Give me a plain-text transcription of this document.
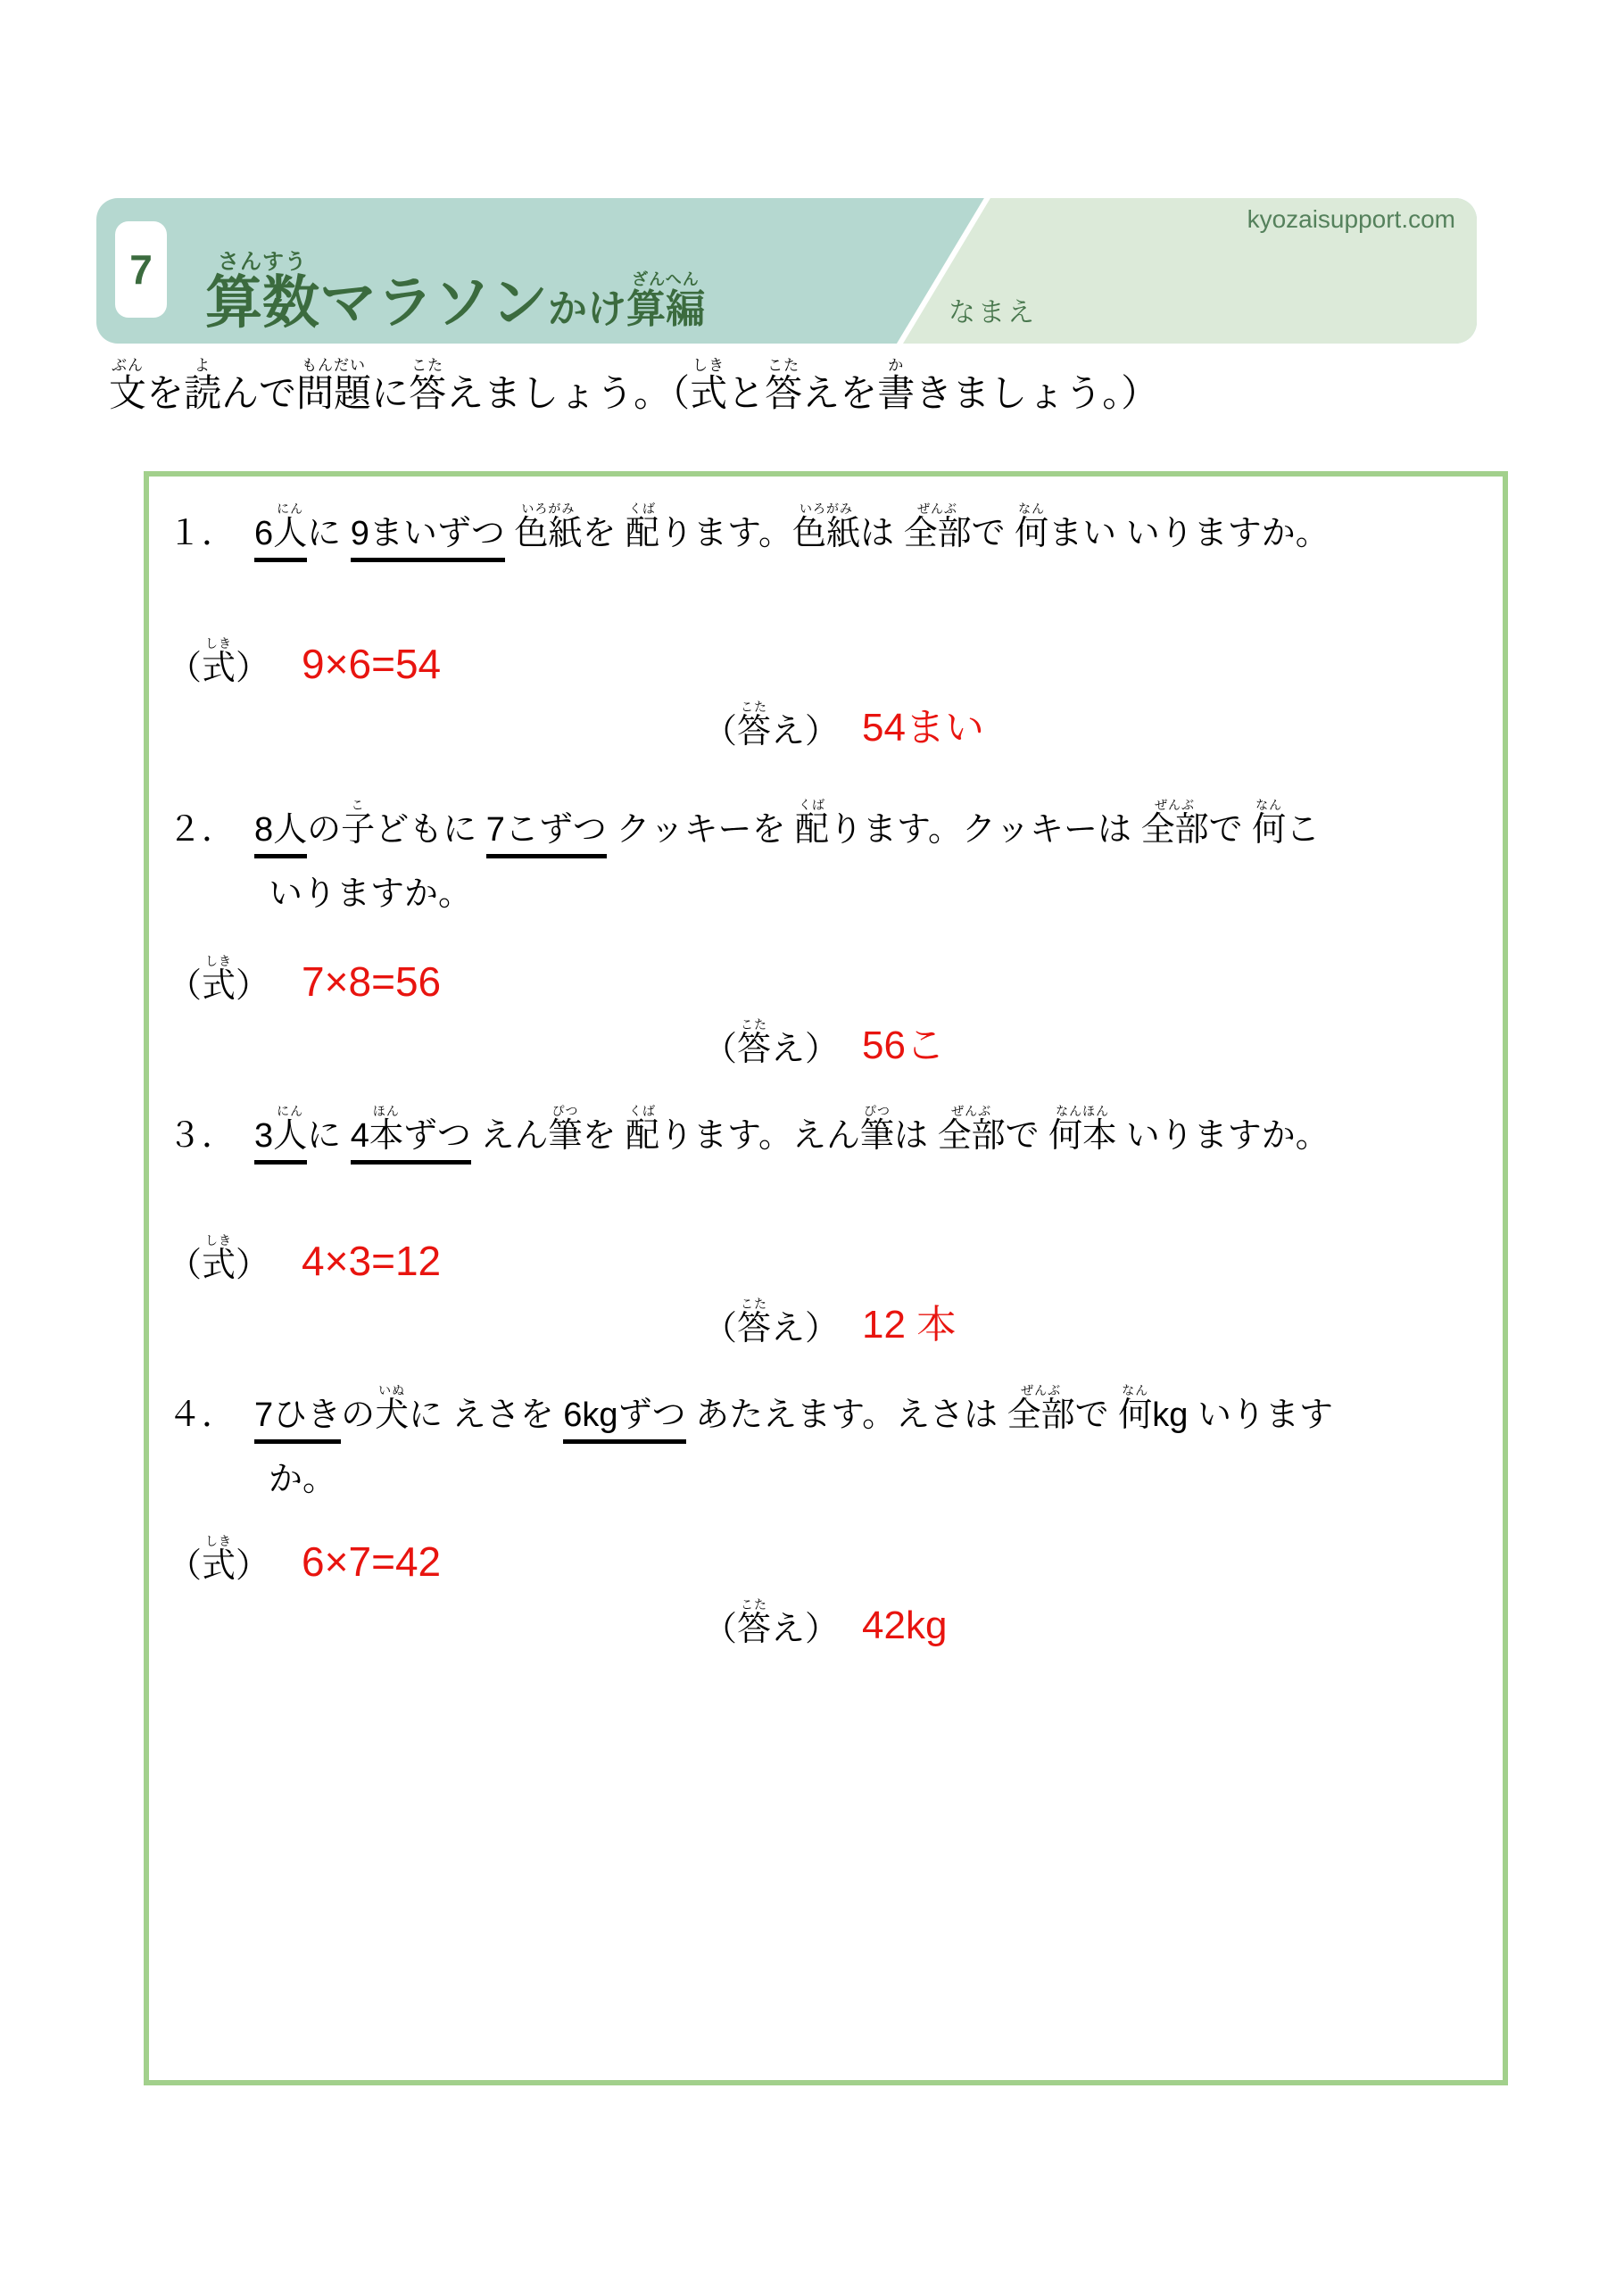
kyozaisupport.com
なまえ
7
算数さんすうマラソン かけ算編ざんへん
文ぶんを読よんで問題もんだいに答こたえましょう。（式しきと答こたえを書かきましょう。）
１． 6人にんに 9まいずつ 色紙いろがみを 配くばります。色紙いろがみは 全部ぜんぶで 何なんまい いりますか。
（式しき） 9×6=54
（答こたえ） 54まい
２． 8人の子こどもに 7こずつ クッキーを 配くばります。クッキーは 全部ぜんぶで 何なんこ
いりますか。
（式しき） 7×8=56
（答こたえ） 56こ
３． 3人にんに 4本ほんずつ えん筆ぴつを 配くばります。えん筆ぴつは 全部ぜんぶで 何本なんほん いりますか。
（式しき） 4×3=12
（答こたえ） 12 本
４． 7ひきの犬いぬに えさを 6kgずつ あたえます。えさは 全部ぜんぶで 何なんkg いります
か。
（式しき） 6×7=42
（答こたえ） 42kg
